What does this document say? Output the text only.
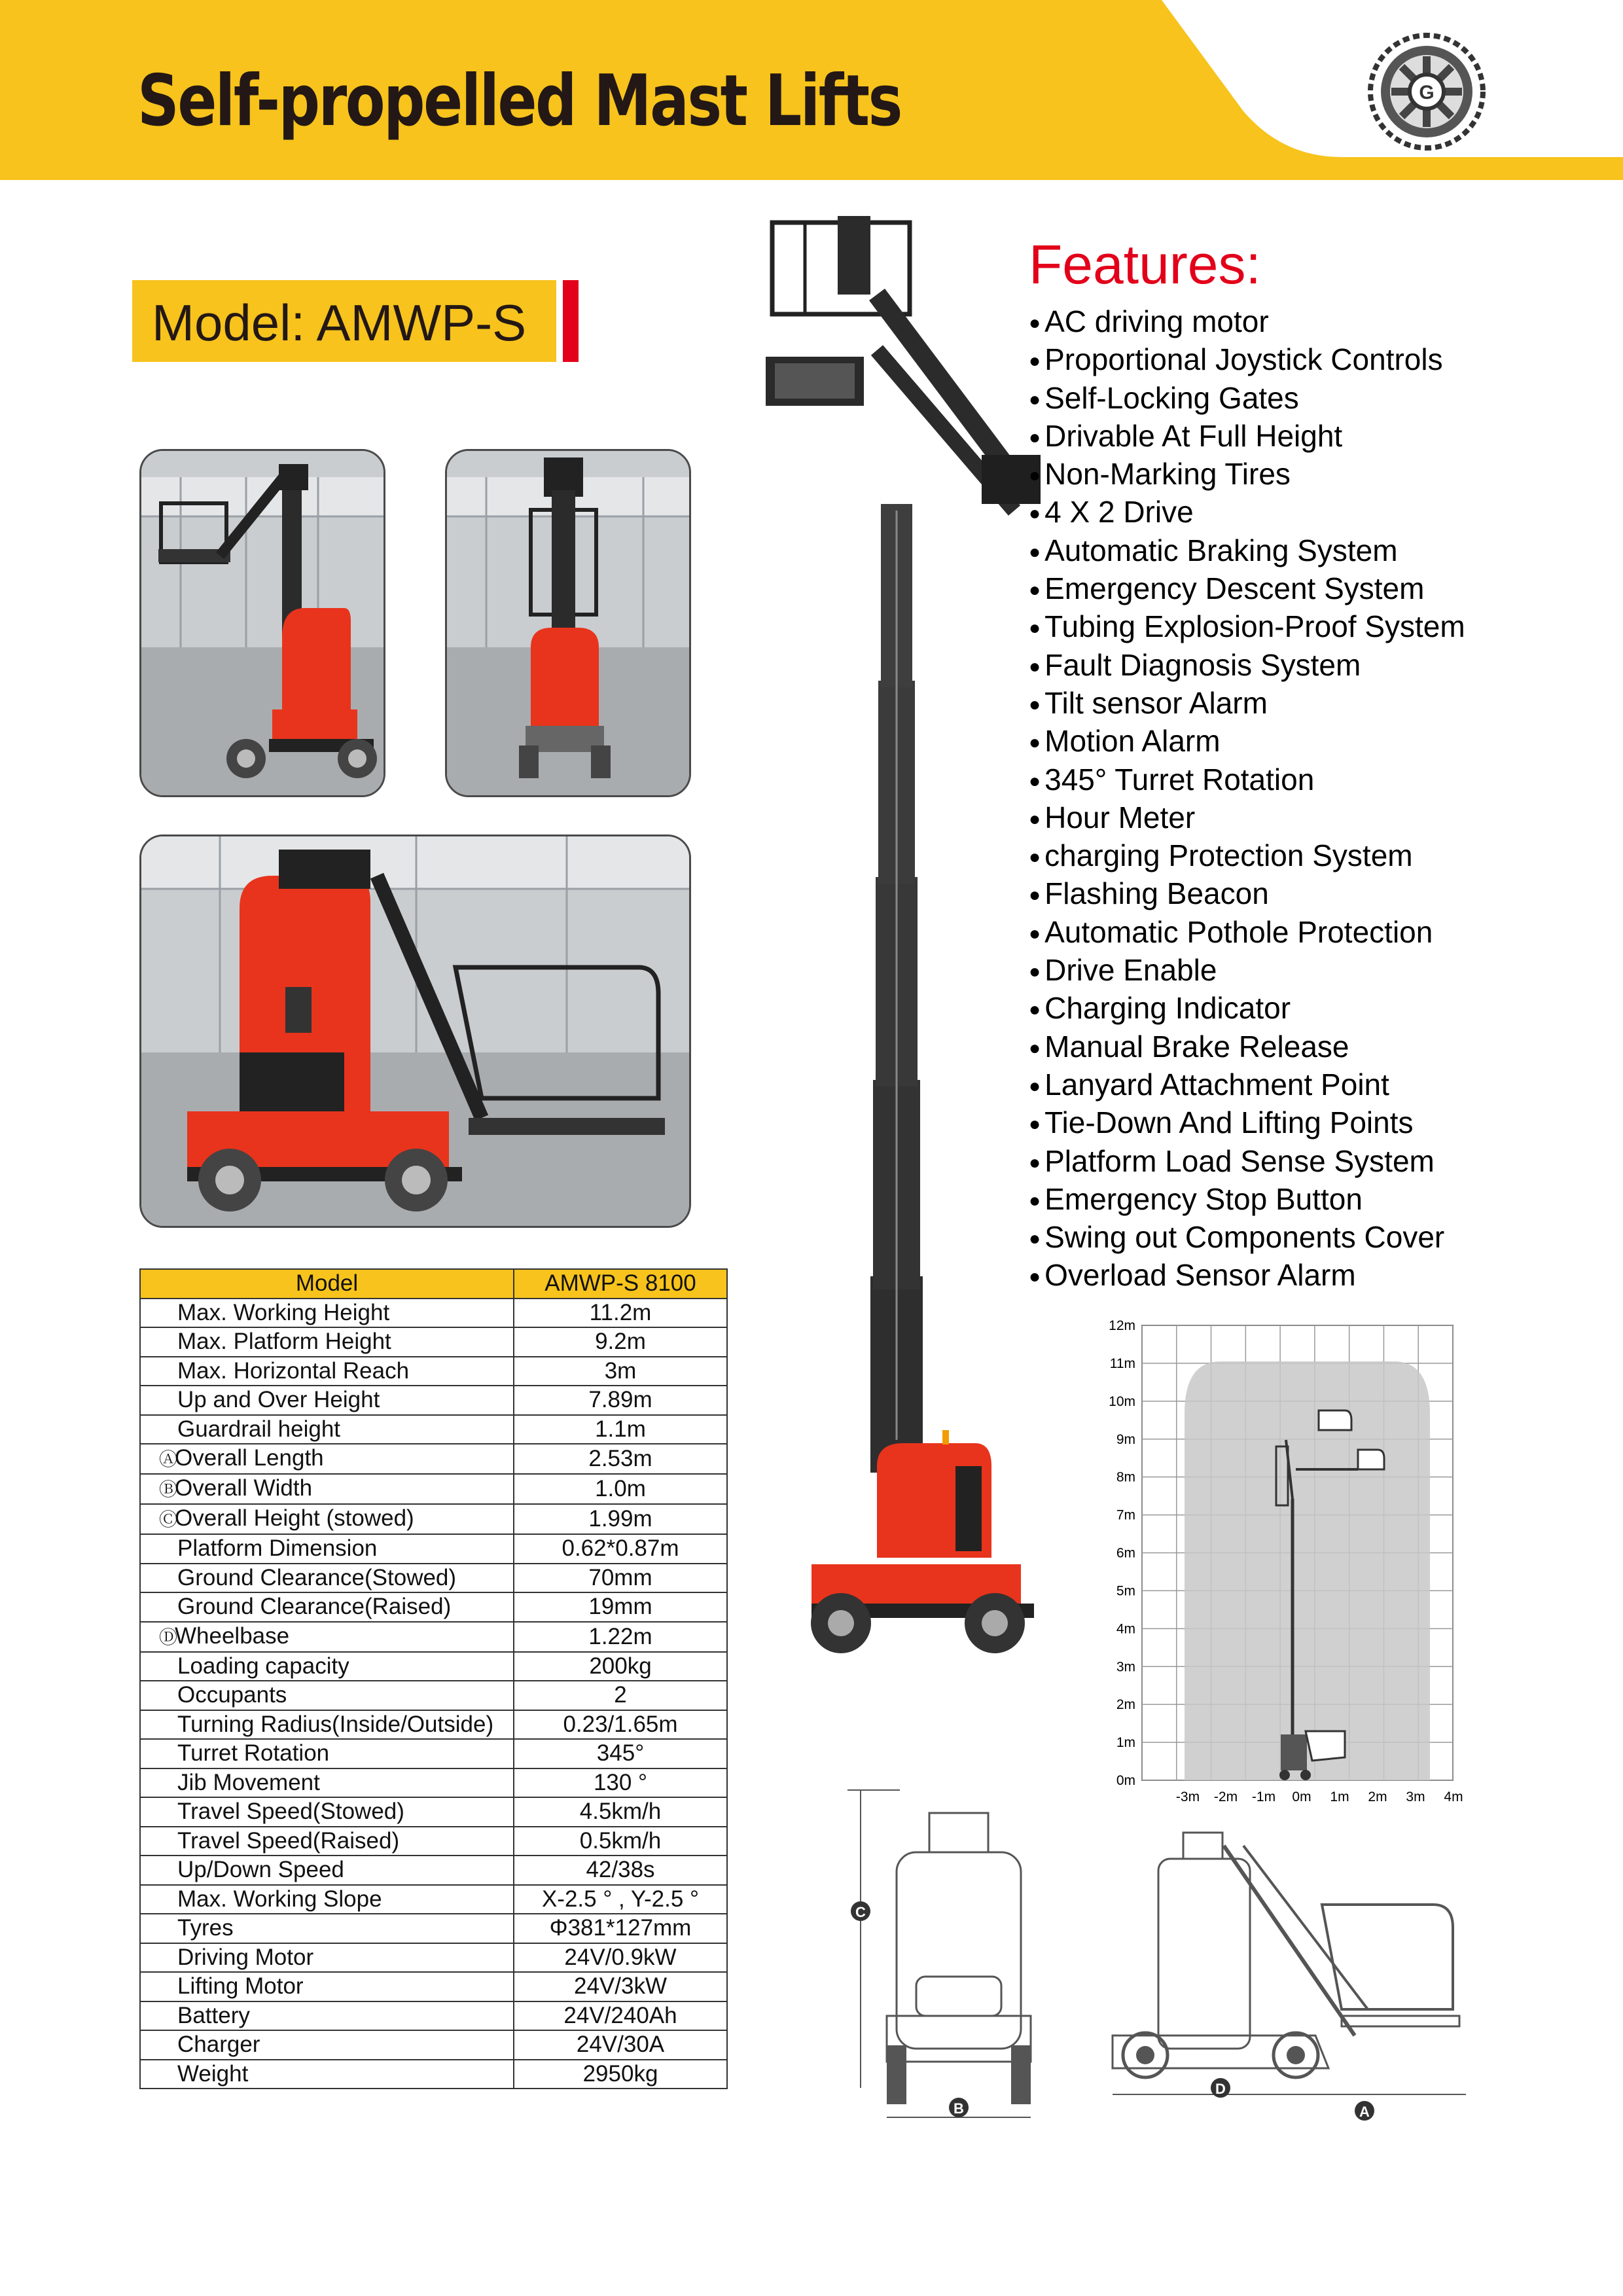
Self-propelled Mast Lifts	G
Model: AMWP-S
Features:
● AC driving motor
● Proportional Joystick Controls
● Self-Locking Gates
● Drivable At Full Height
● Non-Marking Tires
● 4 X 2 Drive
● Automatic Braking System
● Emergency Descent System
● Tubing Explosion-Proof System
● Fault Diagnosis System
● Tilt sensor Alarm
● Motion Alarm
● 345° Turret Rotation
● Hour Meter
● charging Protection System
● Flashing Beacon
● Automatic Pothole Protection
● Drive Enable
● Charging Indicator
● Manual Brake Release
● Lanyard Attachment Point
● Tie-Down And Lifting Points
● Platform Load Sense System
● Emergency Stop Button
● Swing out Components Cover
● Overload Sensor Alarm
Model	AMWP-S 8100
Max. Working Height	11.2m
Max. Platform Height	9.2m
Max. Horizontal Reach	3m
Up and Over Height	7.89m
Guardrail height	1.1m
ⒶOverall Length	2.53m
ⒷOverall Width	1.0m
ⒸOverall Height (stowed)	1.99m
Platform Dimension	0.62*0.87m
Ground Clearance(Stowed)	70mm
Ground Clearance(Raised)	19mm
ⒹWheelbase	1.22m
Loading capacity	200kg
Occupants	2
Turning Radius(Inside/Outside)	0.23/1.65m
Turret Rotation	345°
Jib Movement	130 °
Travel Speed(Stowed)	4.5km/h
Travel Speed(Raised)	0.5km/h
Up/Down Speed	42/38s
Max. Working Slope	X-2.5 ° , Y-2.5 °
Tyres	Φ381*127mm
Driving Motor	24V/0.9kW
Lifting Motor	24V/3kW
Battery	24V/240Ah
Charger	24V/30A
Weight	2950kg
0m
1m
2m
3m
4m
5m
6m
7m
8m
9m
10m
11m
12m
-3m -2m -1m 0m 1m 2m 3m 4m
C
B
D
A
